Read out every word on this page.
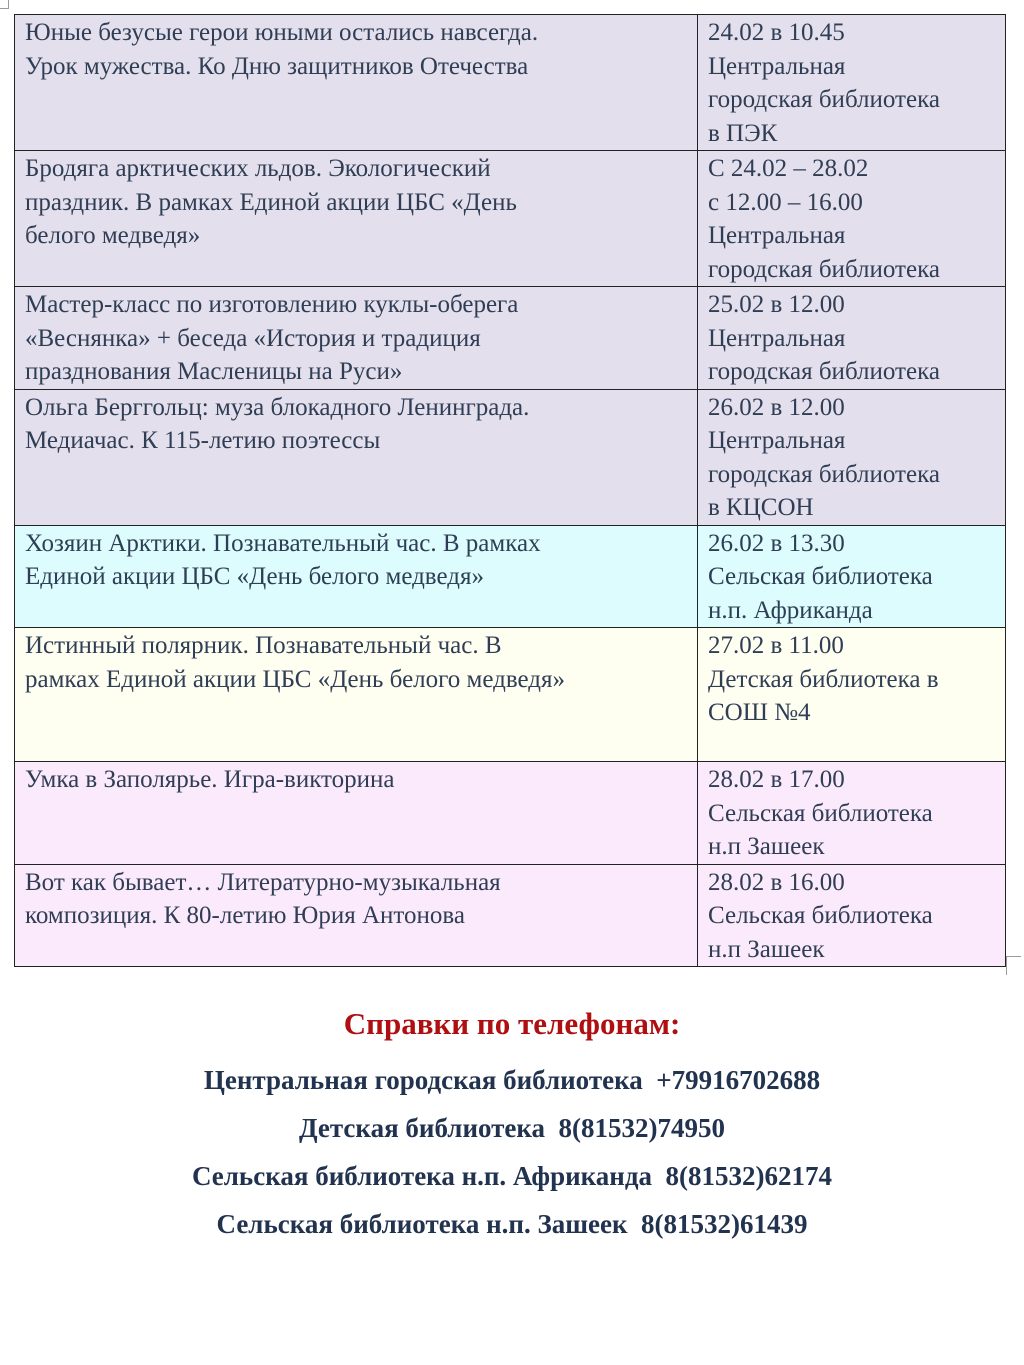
Юные безусые герои юными остались навсегда.
Урок мужества. Ко Дню защитников Отечества	24.02 в 10.45
Центральная
городская библиотека
в ПЭК

Бродяга арктических льдов. Экологический
праздник. В рамках Единой акции ЦБС «День
белого медведя»	С 24.02 – 28.02
с 12.00 – 16.00
Центральная
городская библиотека

Мастер-класс по изготовлению куклы-оберега
«Веснянка» + беседа «История и традиция
празднования Масленицы на Руси»	25.02 в 12.00
Центральная
городская библиотека

Ольга Берггольц: муза блокадного Ленинграда.
Медиачас. К 115-летию поэтессы	26.02 в 12.00
Центральная
городская библиотека
в КЦСОН

Хозяин Арктики. Познавательный час. В рамках
Единой акции ЦБС «День белого медведя»	26.02 в 13.30
Сельская библиотека
н.п. Африканда

Истинный полярник. Познавательный час. В
рамках Единой акции ЦБС «День белого медведя»	27.02 в 11.00
Детская библиотека в
СОШ №4

Умка в Заполярье. Игра-викторина	28.02 в 17.00
Сельская библиотека
н.п Зашеек

Вот как бывает… Литературно-музыкальная
композиция. К 80-летию Юрия Антонова	28.02 в 16.00
Сельская библиотека
н.п Зашеек
Справки по телефонам:
Центральная городская библиотека  +79916702688
Детская библиотека  8(81532)74950
Сельская библиотека н.п. Африканда  8(81532)62174
Сельская библиотека н.п. Зашеек  8(81532)61439
